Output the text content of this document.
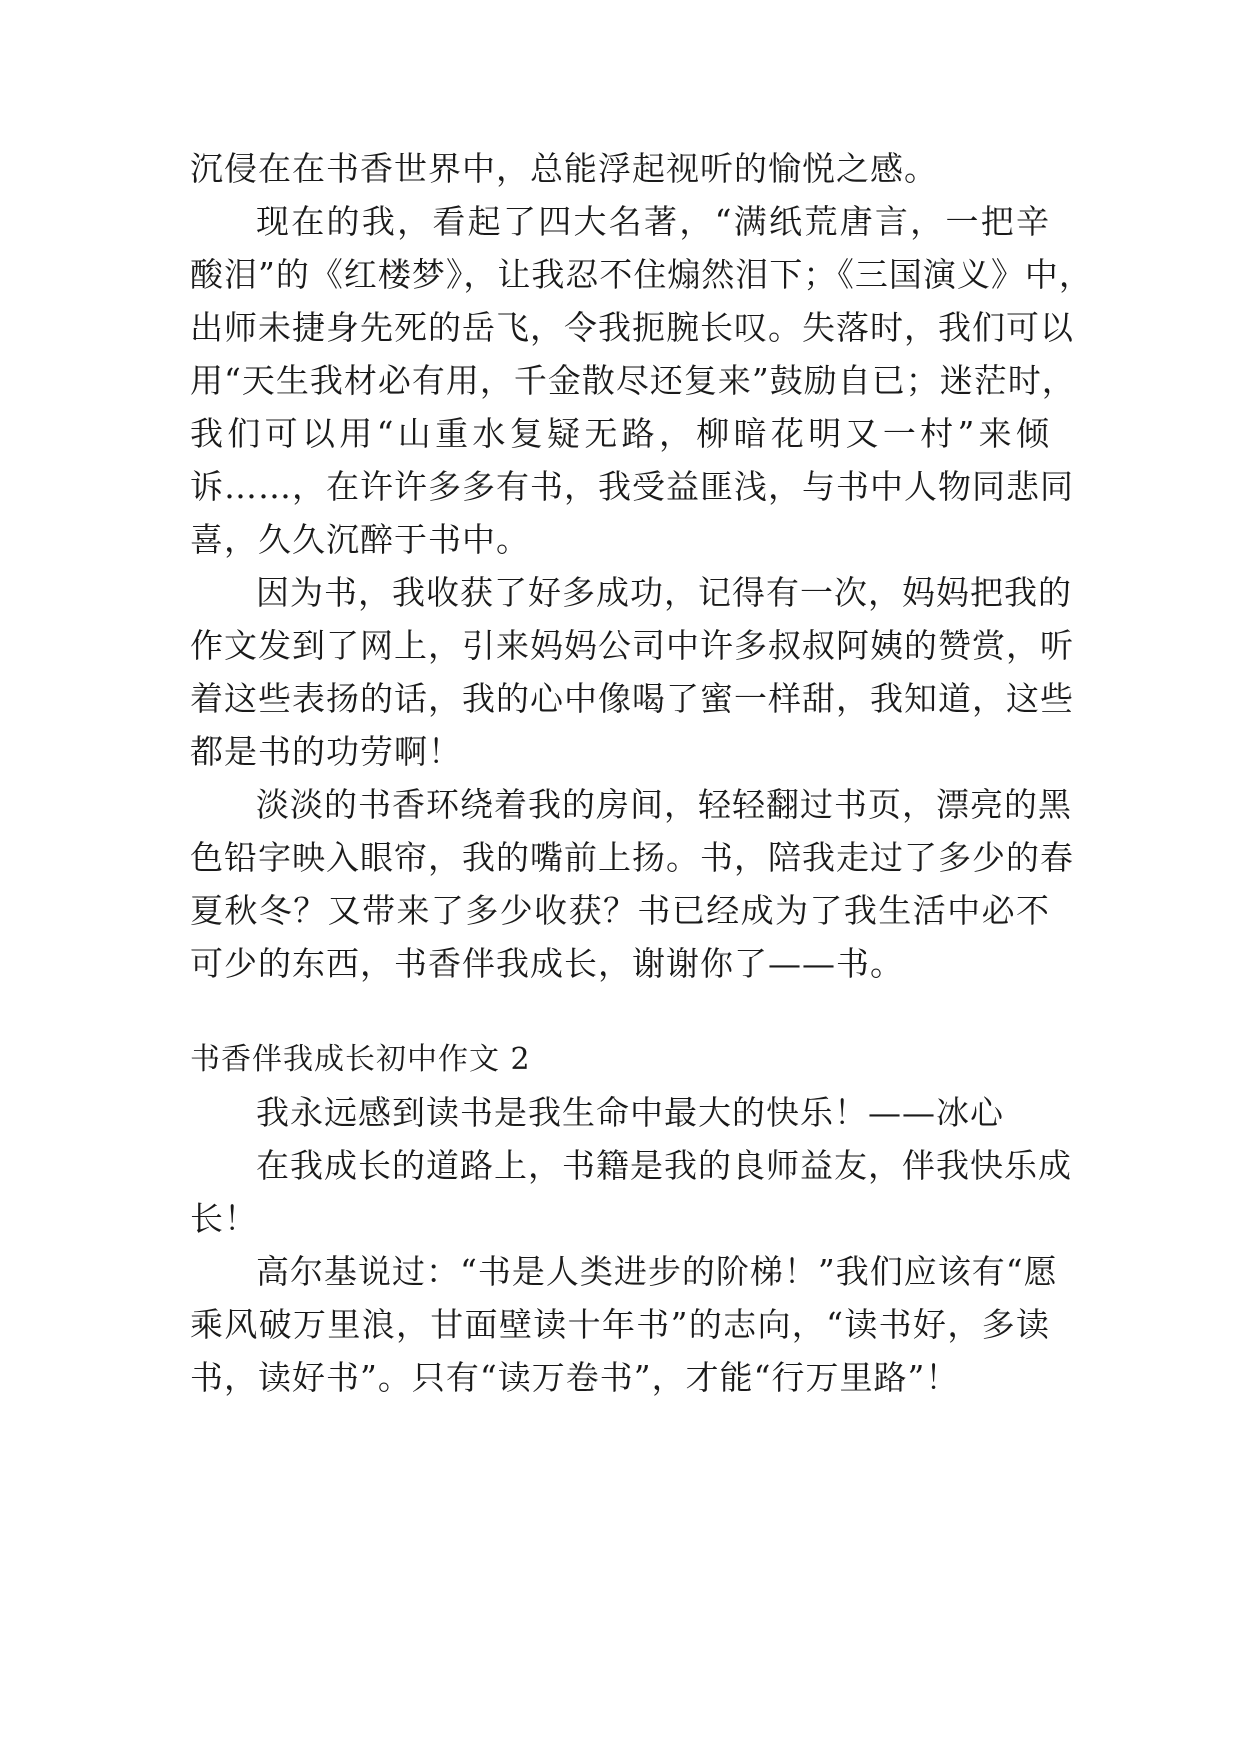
沉侵在在书香世界中，总能浮起视听的愉悦之感。
现在的我，看起了四大名著，“满纸荒唐言，一把辛
酸泪”的《红楼梦》，让我忍不住煽然泪下；《三国演义》中，
出师未捷身先死的岳飞，令我扼腕长叹。失落时，我们可以
用“天生我材必有用，千金散尽还复来”鼓励自已；迷茫时，
我们可以用“山重水复疑无路，柳暗花明又一村”来倾
诉……，在许许多多有书，我受益匪浅，与书中人物同悲同
喜，久久沉醉于书中。
因为书，我收获了好多成功，记得有一次，妈妈把我的
作文发到了网上，引来妈妈公司中许多叔叔阿姨的赞赏，听
着这些表扬的话，我的心中像喝了蜜一样甜，我知道，这些
都是书的功劳啊！
淡淡的书香环绕着我的房间，轻轻翻过书页，漂亮的黑
色铅字映入眼帘，我的嘴前上扬。书，陪我走过了多少的春
夏秋冬？又带来了多少收获？书已经成为了我生活中必不
可少的东西，书香伴我成长，谢谢你了——书。
书香伴我成长初中作文 2
我永远感到读书是我生命中最大的快乐！——冰心
在我成长的道路上，书籍是我的良师益友，伴我快乐成
长！
高尔基说过：“书是人类进步的阶梯！”我们应该有“愿
乘风破万里浪，甘面壁读十年书”的志向，“读书好，多读
书，读好书”。只有“读万卷书”，才能“行万里路”！
